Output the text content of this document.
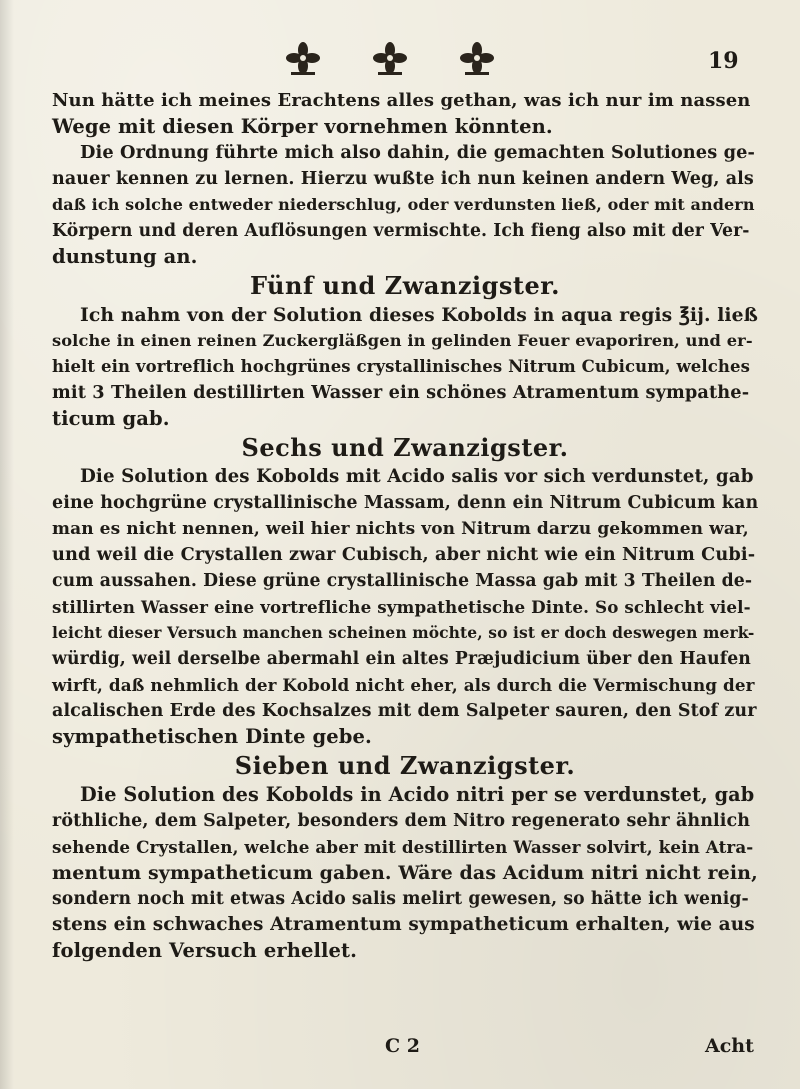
19
Nun hätte ich meines Erachtens alles gethan, was ich nur im nassen
Wege mit diesen Körper vornehmen könnten.
Die Ordnung führte mich also dahin, die gemachten Solutiones ge-
nauer kennen zu lernen. Hierzu wußte ich nun keinen andern Weg, als
daß ich solche entweder niederschlug, oder verdunsten ließ, oder mit andern
Körpern und deren Auflösungen vermischte. Ich fieng also mit der Ver-
dunstung an.
Fünf und Zwanzigster.
Ich nahm von der Solution dieses Kobolds in aqua regis ℥ij. ließ
solche in einen reinen Zuckergläßgen in gelinden Feuer evaporiren, und er-
hielt ein vortreflich hochgrünes crystallinisches Nitrum Cubicum, welches
mit 3 Theilen destillirten Wasser ein schönes Atramentum sympathe-
ticum gab.
Sechs und Zwanzigster.
Die Solution des Kobolds mit Acido salis vor sich verdunstet, gab
eine hochgrüne crystallinische Massam, denn ein Nitrum Cubicum kan
man es nicht nennen, weil hier nichts von Nitrum darzu gekommen war,
und weil die Crystallen zwar Cubisch, aber nicht wie ein Nitrum Cubi-
cum aussahen. Diese grüne crystallinische Massa gab mit 3 Theilen de-
stillirten Wasser eine vortrefliche sympathetische Dinte. So schlecht viel-
leicht dieser Versuch manchen scheinen möchte, so ist er doch deswegen merk-
würdig, weil derselbe abermahl ein altes Præjudicium über den Haufen
wirft, daß nehmlich der Kobold nicht eher, als durch die Vermischung der
alcalischen Erde des Kochsalzes mit dem Salpeter sauren, den Stof zur
sympathetischen Dinte gebe.
Sieben und Zwanzigster.
Die Solution des Kobolds in Acido nitri per se verdunstet, gab
röthliche, dem Salpeter, besonders dem Nitro regenerato sehr ähnlich
sehende Crystallen, welche aber mit destillirten Wasser solvirt, kein Atra-
mentum sympatheticum gaben. Wäre das Acidum nitri nicht rein,
sondern noch mit etwas Acido salis melirt gewesen, so hätte ich wenig-
stens ein schwaches Atramentum sympatheticum erhalten, wie aus
folgenden Versuch erhellet.
C 2	Acht
